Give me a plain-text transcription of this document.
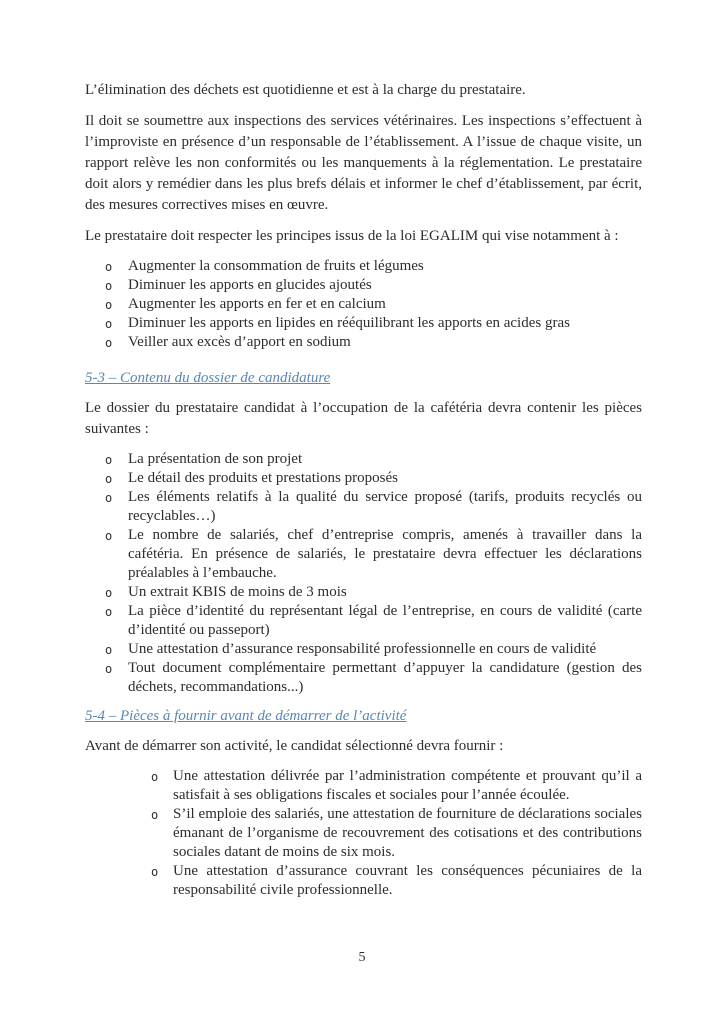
L’élimination des déchets est quotidienne et est à la charge du prestataire.

Il doit se soumettre aux inspections des services vétérinaires. Les inspections s’effectuent à l’improviste en présence d’un responsable de l’établissement. A l’issue de chaque visite, un rapport relève les non conformités ou les manquements à la réglementation. Le prestataire doit alors y remédier dans les plus brefs délais et informer le chef d’établissement, par écrit, des mesures correctives mises en œuvre.

Le prestataire doit respecter les principes issus de la loi EGALIM qui vise notamment à :

o Augmenter la consommation de fruits et légumes
o Diminuer les apports en glucides ajoutés
o Augmenter les apports en fer et en calcium
o Diminuer les apports en lipides en rééquilibrant les apports en acides gras
o Veiller aux excès d’apport en sodium
5-3 – Contenu du dossier de candidature

Le dossier du prestataire candidat à l’occupation de la cafétéria devra contenir les pièces suivantes :

o La présentation de son projet
o Le détail des produits et prestations proposés
o Les éléments relatifs à la qualité du service proposé (tarifs, produits recyclés ou recyclables…)
o Le nombre de salariés, chef d’entreprise compris, amenés à travailler dans la cafétéria. En présence de salariés, le prestataire devra effectuer les déclarations préalables à l’embauche.
o Un extrait KBIS de moins de 3 mois
o La pièce d’identité du représentant légal de l’entreprise, en cours de validité (carte d’identité ou passeport)
o Une attestation d’assurance responsabilité professionnelle en cours de validité
o Tout document complémentaire permettant d’appuyer la candidature (gestion des déchets, recommandations...)
5-4 – Pièces à fournir avant de démarrer de l’activité

Avant de démarrer son activité, le candidat sélectionné devra fournir :

o Une attestation délivrée par l’administration compétente et prouvant qu’il a satisfait à ses obligations fiscales et sociales pour l’année écoulée.
o S’il emploie des salariés, une attestation de fourniture de déclarations sociales émanant de l’organisme de recouvrement des cotisations et des contributions sociales datant de moins de six mois.
o Une attestation d’assurance couvrant les conséquences pécuniaires de la responsabilité civile professionnelle.
5
